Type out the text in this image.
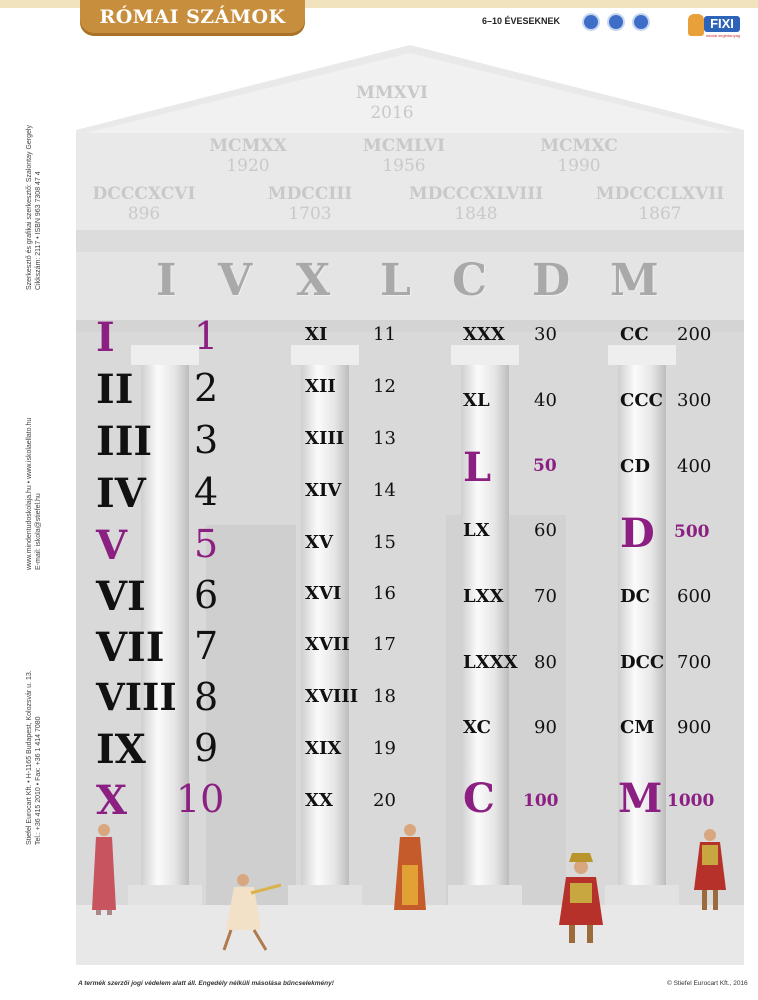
RÓMAI SZÁMOK	6–10 ÉVESEKNEK	FIXI
iskolai segédanyag
MMXVI
2016
MCMXX
1920
MCMLVI
1956
MCMXC
1990
DCCCXCVI
896
MDCCIII
1703
MDCCCXLVIII
1848
MDCCCLXVII
1867
I V X L C D M
I 1
II 2
III 3
IV 4
V 5
VI 6
VII 7
VIII 8
IX 9
X 10
XI	11
XII 12
XIII 13
XIV 14
XV 15
XVI 16
XVII 17
XVIII 18
XIX 19
XX 20
XXX 30
XL 40
L 50
LX 60
LXX 70
LXXX 80
XC 90
C 100
CC 200
CCC 300
CD 400
D 500
DC 600
DCC 700
CM 900
M 1000
Szerkesztő és grafikai szerkesztő: Szalontay Gergely Cikkszám: 2117 • ISBN 963 7308 47 4
www.mindentudoskolaja.hu • www.iskolaellato.hu E-mail: iskola@stiefel.hu
Stiefel Eurocart Kft. • H-1165 Budapest, Kolozsvár u. 13. Tel.: +36 415 2010 • Fax: +36 1 414 7080
A termék szerzői jogi védelem alatt áll. Engedély nélküli másolása bűncselekmény!	© Stiefel Eurocart Kft., 2016
